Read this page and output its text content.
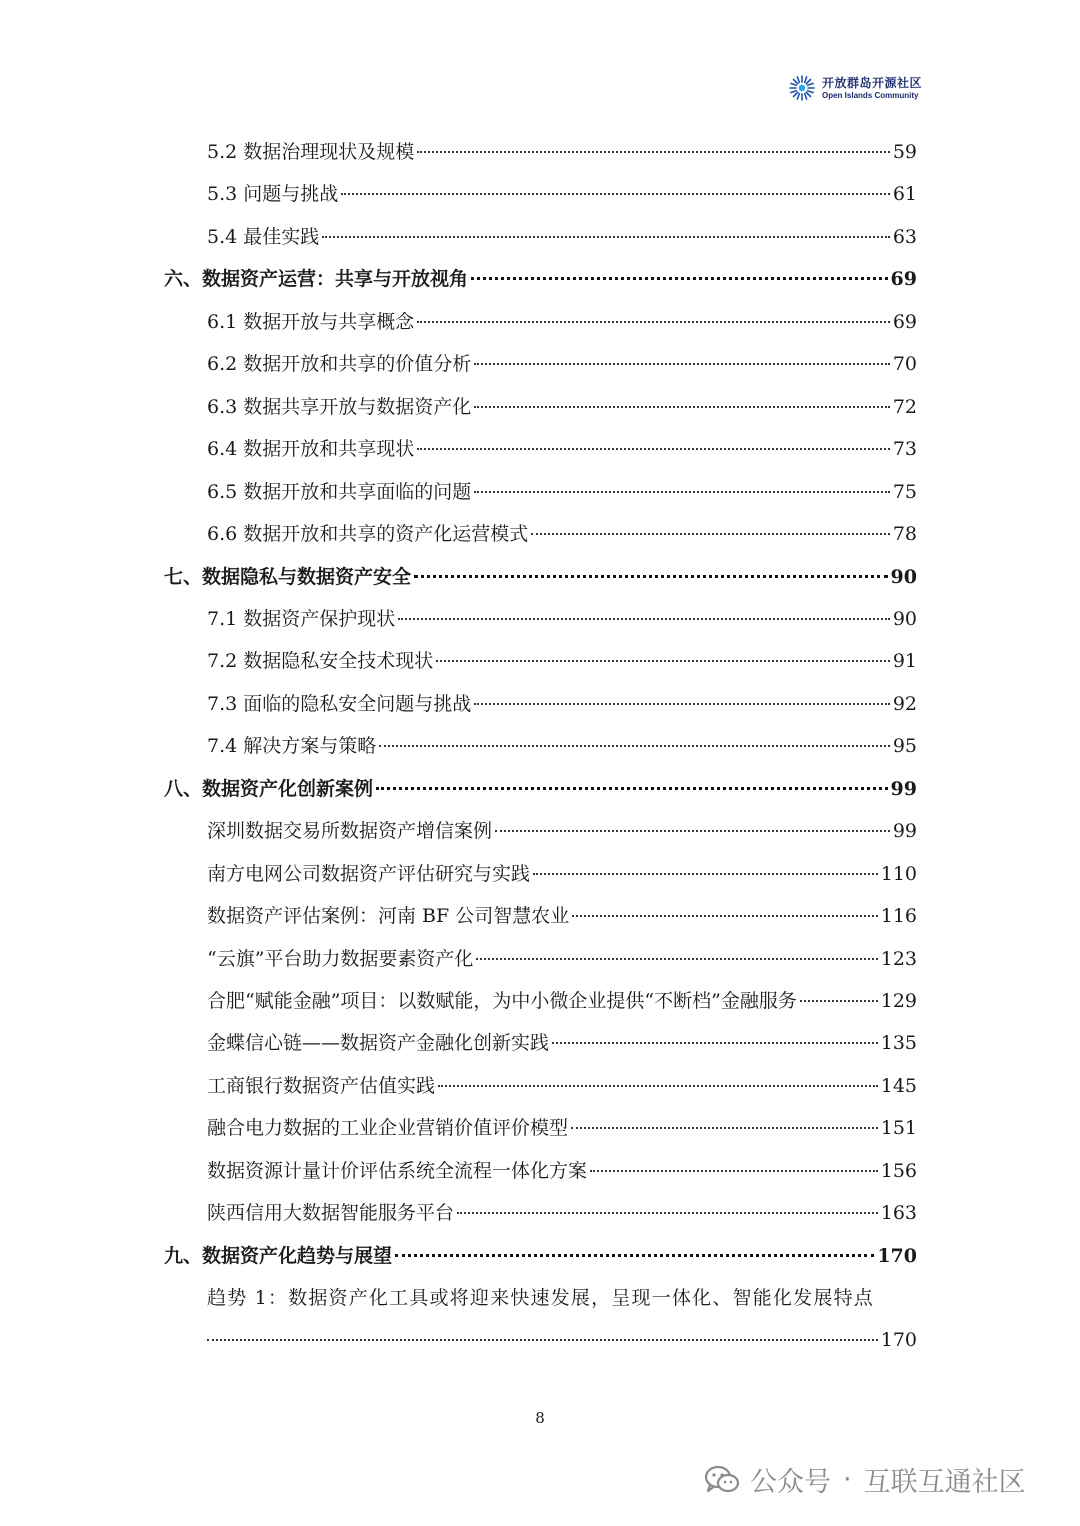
开放群岛开源社区
Open Islands Community
5.2 数据治理现状及规模	59
5.3 问题与挑战	61
5.4 最佳实践	63
六、数据资产运营：共享与开放视角	69
6.1 数据开放与共享概念	69
6.2 数据开放和共享的价值分析	70
6.3 数据共享开放与数据资产化	72
6.4 数据开放和共享现状	73
6.5 数据开放和共享面临的问题	75
6.6 数据开放和共享的资产化运营模式	78
七、数据隐私与数据资产安全	90
7.1 数据资产保护现状	90
7.2 数据隐私安全技术现状	91
7.3 面临的隐私安全问题与挑战	92
7.4 解决方案与策略	95
八、数据资产化创新案例	99
深圳数据交易所数据资产增信案例	99
南方电网公司数据资产评估研究与实践	110
数据资产评估案例：河南 BF 公司智慧农业	116
“云旗”平台助力数据要素资产化	123
合肥“赋能金融”项目：以数赋能，为中小微企业提供“不断档”金融服务	129
金蝶信心链——数据资产金融化创新实践	135
工商银行数据资产估值实践	145
融合电力数据的工业企业营销价值评价模型	151
数据资源计量计价评估系统全流程一体化方案	156
陕西信用大数据智能服务平台	163
九、数据资产化趋势与展望	170
趋势 1：数据资产化工具或将迎来快速发展，呈现一体化、智能化发展特点
170
8
公众号 · 互联互通社区
